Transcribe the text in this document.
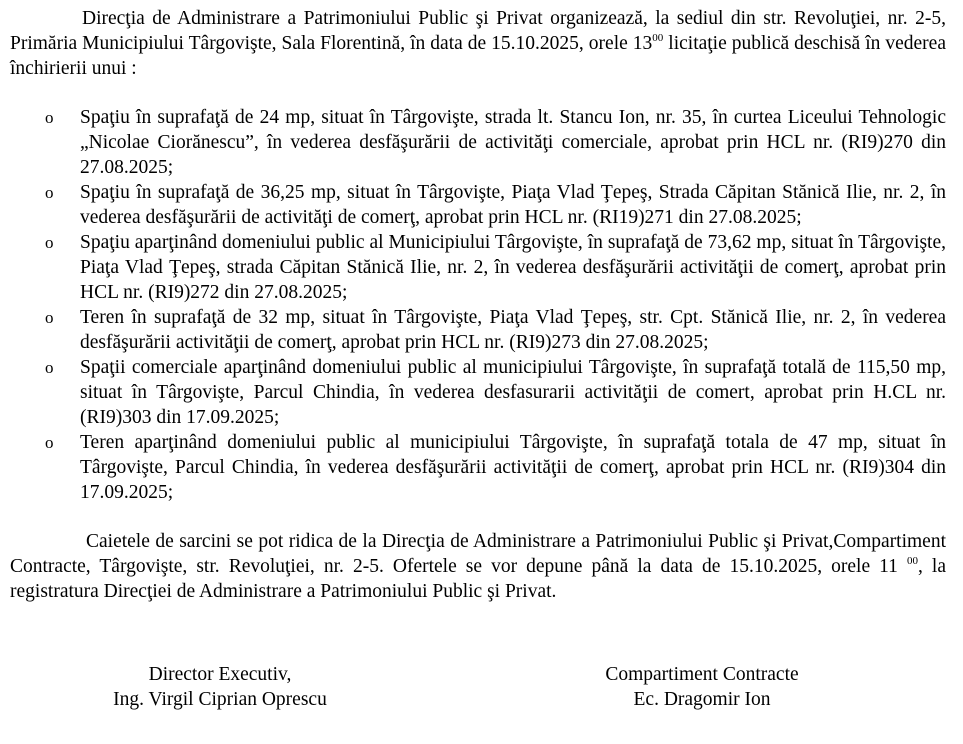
Direcţia de Administrare a Patrimoniului Public şi Privat organizează, la sediul din str. Revoluţiei, nr. 2-5, Primăria Municipiului Târgovişte, Sala Florentină, în data de 15.10.2025, orele $13^{00}$ licitaţie publică deschisă în vederea închirierii unui :

o Spaţiu în suprafaţă de 24 mp, situat în Târgovişte, strada lt. Stancu Ion, nr. 35, în curtea Liceului Tehnologic „Nicolae Ciorănescu”, în vederea desfăşurării de activităţi comerciale, aprobat prin HCL nr. (RI9)270 din 27.08.2025;
o Spaţiu în suprafaţă de 36,25 mp, situat în Târgovişte, Piaţa Vlad Ţepeş, Strada Căpitan Stănică Ilie, nr. 2, în vederea desfăşurării de activităţi de comerţ, aprobat prin HCL nr. (RI19)271 din 27.08.2025;
o Spaţiu aparţinând domeniului public al Municipiului Târgovişte, în suprafaţă de 73,62 mp, situat în Târgovişte, Piaţa Vlad Ţepeş, strada Căpitan Stănică Ilie, nr. 2, în vederea desfăşurării activităţii de comerţ, aprobat prin HCL nr. (RI9)272 din 27.08.2025;
o Teren în suprafaţă de 32 mp, situat în Târgovişte, Piaţa Vlad Ţepeş, str. Cpt. Stănică Ilie, nr. 2, în vederea desfăşurării activităţii de comerţ, aprobat prin HCL nr. (RI9)273 din 27.08.2025;
o Spaţii comerciale aparţinând domeniului public al municipiului Târgovişte, în suprafaţă totală de 115,50 mp, situat în Târgovişte, Parcul Chindia, în vederea desfasurarii activităţii de comert, aprobat prin H.CL nr. (RI9)303 din 17.09.2025;
o Teren aparţinând domeniului public al municipiului Târgovişte, în suprafaţă totala de 47 mp, situat în Târgovişte, Parcul Chindia, în vederea desfăşurării activităţii de comerţ, aprobat prin HCL nr. (RI9)304 din 17.09.2025;

Caietele de sarcini se pot ridica de la Direcţia de Administrare a Patrimoniului Public şi Privat,Compartiment Contracte, Târgovişte, str. Revoluţiei, nr. 2-5. Ofertele se vor depune până la data de 15.10.2025, orele 11 $^{00}$, la registratura Direcţiei de Administrare a Patrimoniului Public şi Privat.

Director Executiv,
Ing. Virgil Ciprian Oprescu
Compartiment Contracte
Ec. Dragomir Ion
